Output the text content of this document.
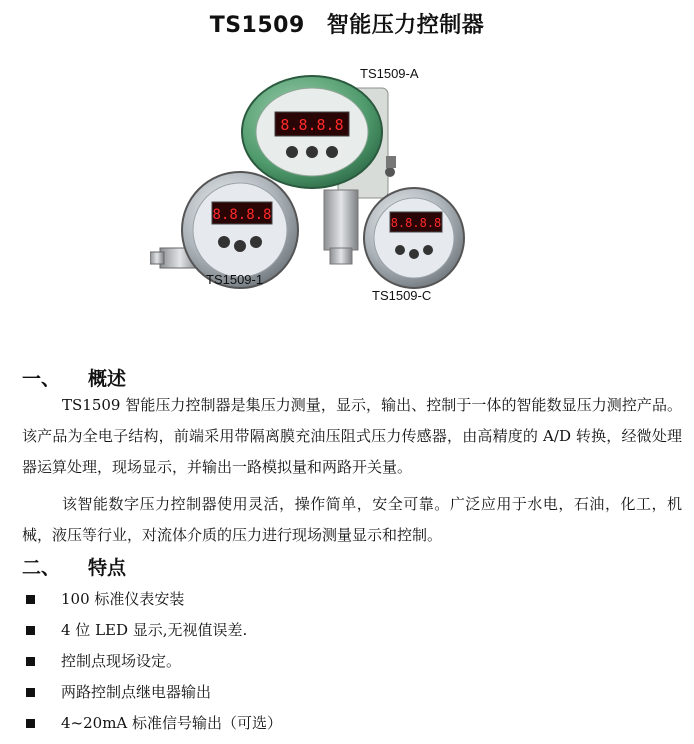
TS1509 智能压力控制器
8.8.8.8
8.8.8.8	8.8.8.8
TS1509-A
TS1509-1
TS1509-C
一、 概述

TS1509 智能压力控制器是集压力测量，显示，输出、控制于一体的智能数显压力测控产品。该产品为全电子结构，前端采用带隔离膜充油压阻式压力传感器，由高精度的 A/D 转换，经微处理器运算处理，现场显示，并输出一路模拟量和两路开关量。

该智能数字压力控制器使用灵活，操作简单，安全可靠。广泛应用于水电，石油，化工，机械，液压等行业，对流体介质的压力进行现场测量显示和控制。

二、 特点
100 标准仪表安装
4 位 LED 显示,无视值误差.
控制点现场设定。
两路控制点继电器输出
4~20mA 标准信号输出（可选）
